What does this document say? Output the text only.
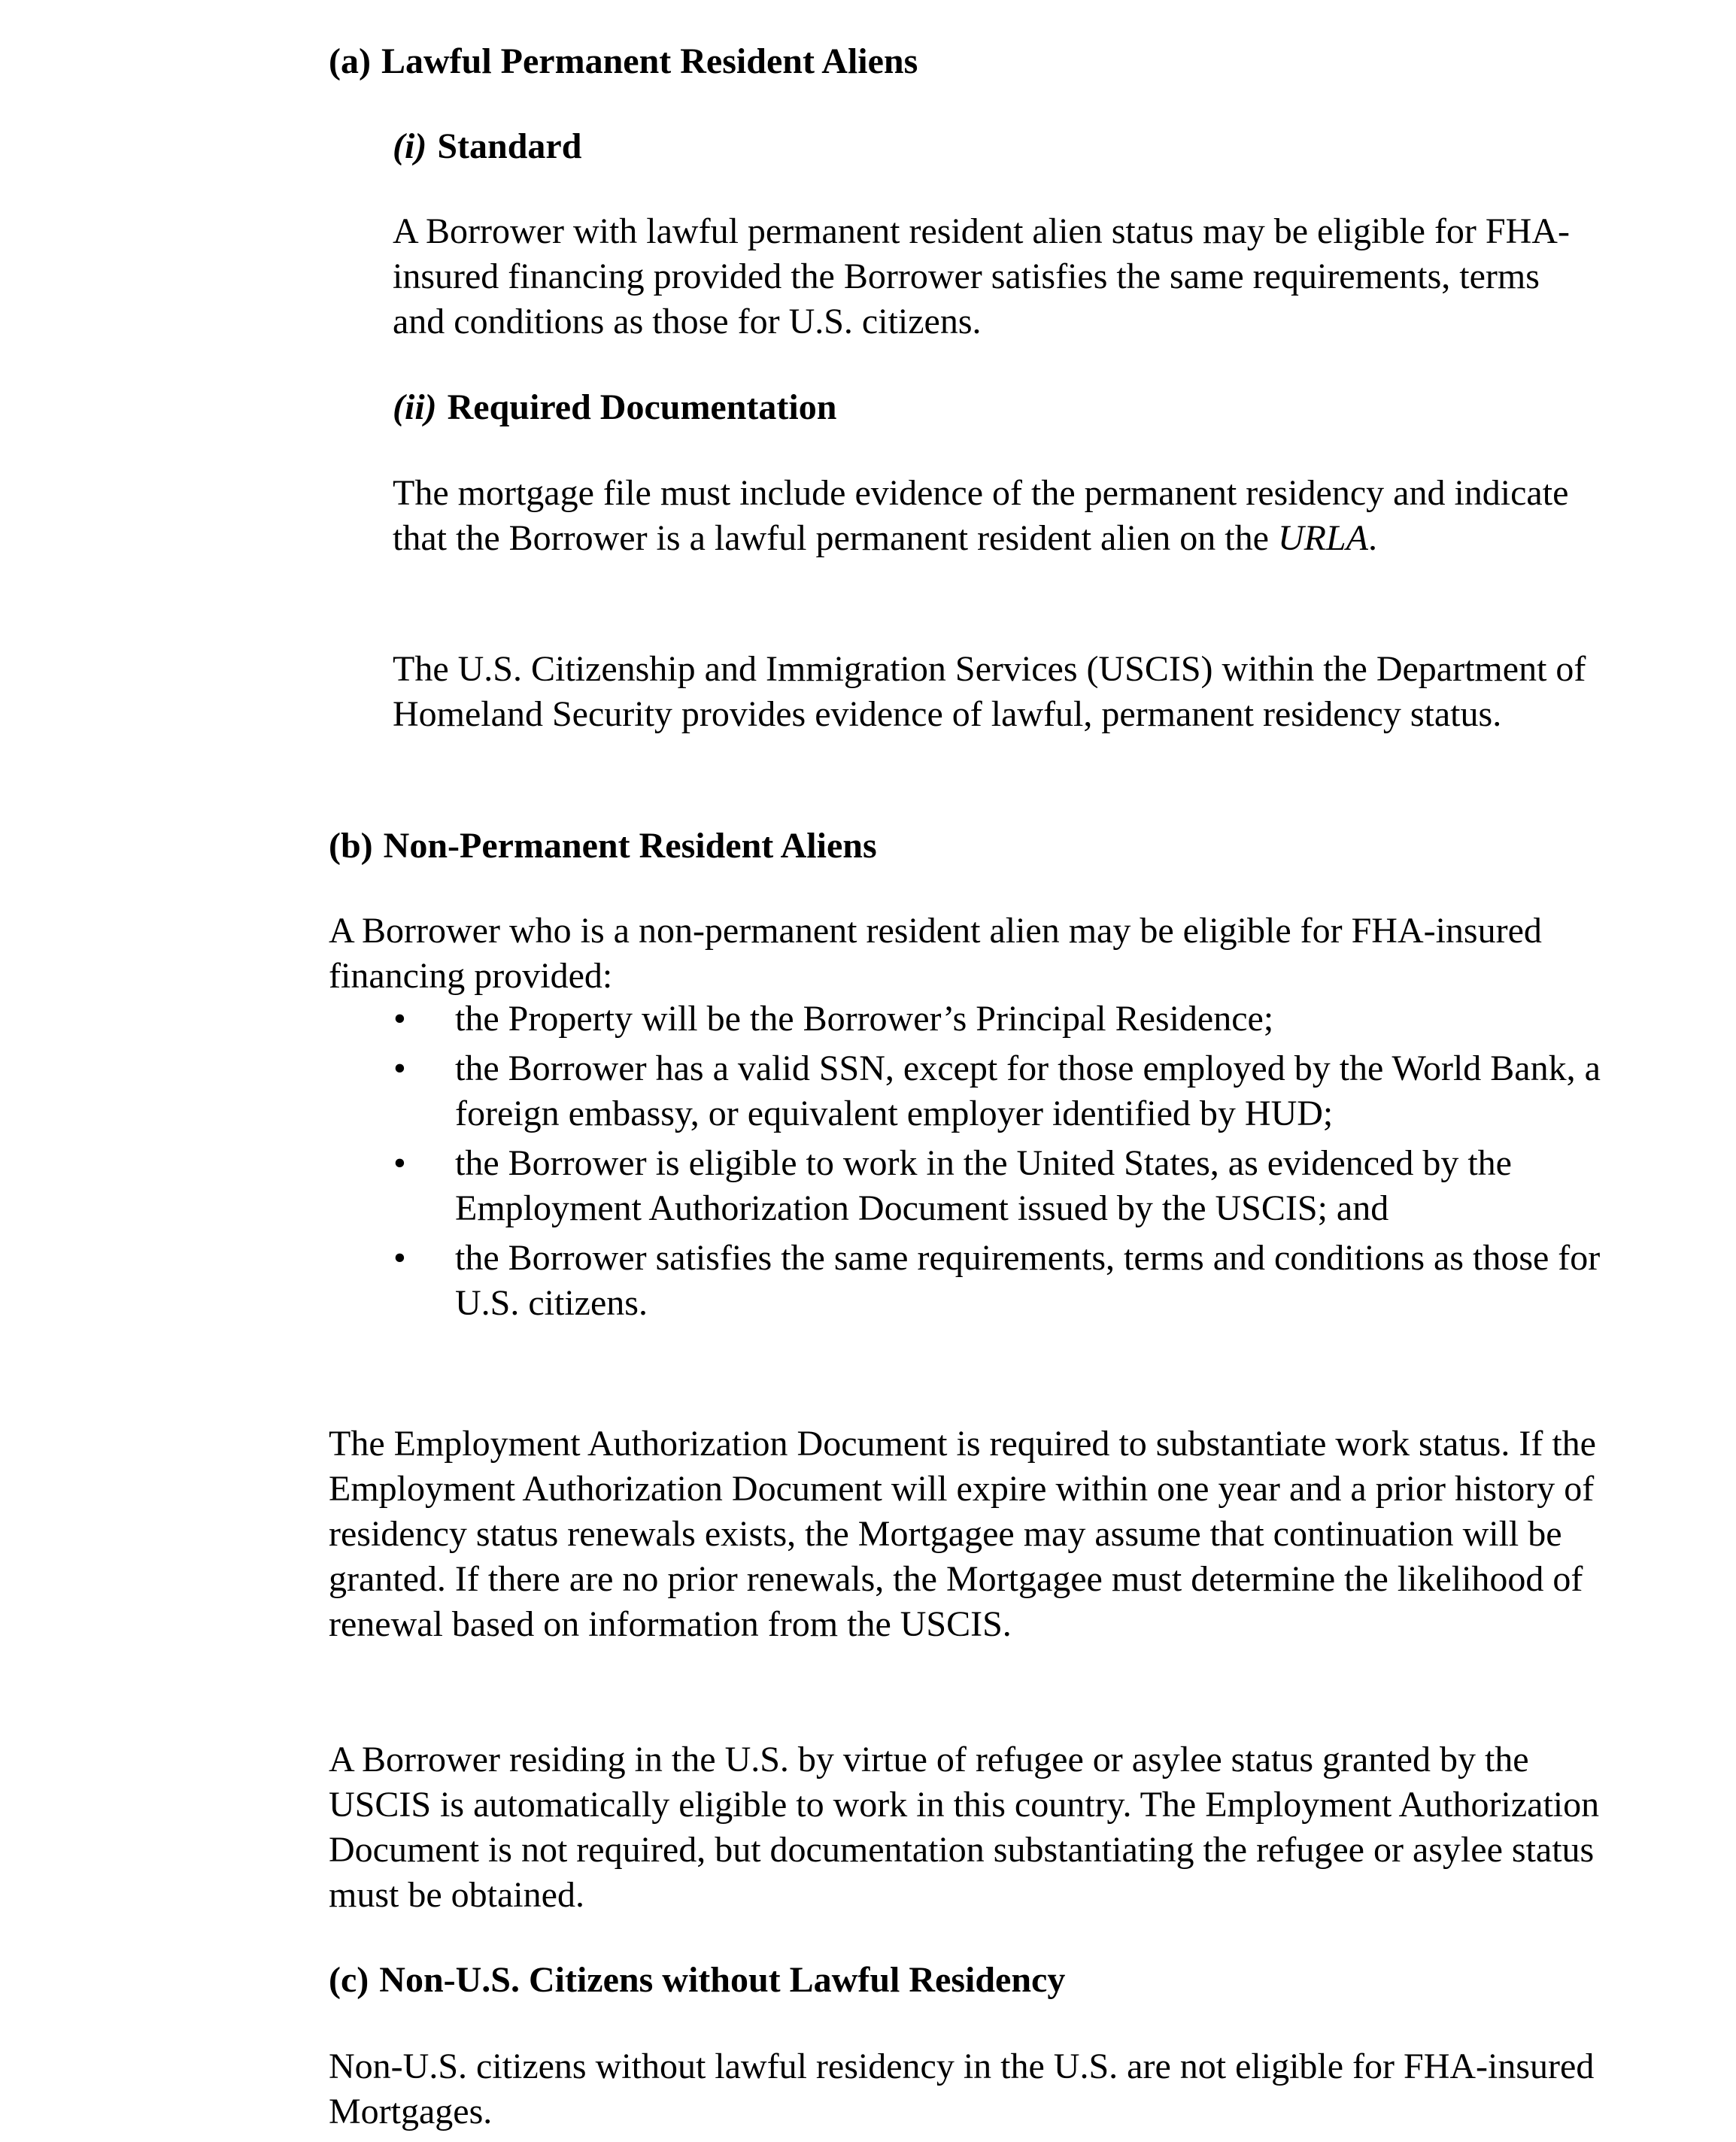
(a) Lawful Permanent Resident Aliens
(i) Standard

A Borrower with lawful permanent resident alien status may be eligible for FHA-insured financing provided the Borrower satisfies the same requirements, terms and conditions as those for U.S. citizens.

(ii) Required Documentation

The mortgage file must include evidence of the permanent residency and indicate that the Borrower is a lawful permanent resident alien on the URLA.

The U.S. Citizenship and Immigration Services (USCIS) within the Department of Homeland Security provides evidence of lawful, permanent residency status.

(b) Non-Permanent Resident Aliens

A Borrower who is a non-permanent resident alien may be eligible for FHA-insured financing provided:

• the Property will be the Borrower’s Principal Residence;
• the Borrower has a valid SSN, except for those employed by the World Bank, a foreign embassy, or equivalent employer identified by HUD;
• the Borrower is eligible to work in the United States, as evidenced by the Employment Authorization Document issued by the USCIS; and
• the Borrower satisfies the same requirements, terms and conditions as those for U.S. citizens.

The Employment Authorization Document is required to substantiate work status. If the Employment Authorization Document will expire within one year and a prior history of residency status renewals exists, the Mortgagee may assume that continuation will be granted. If there are no prior renewals, the Mortgagee must determine the likelihood of renewal based on information from the USCIS.

A Borrower residing in the U.S. by virtue of refugee or asylee status granted by the USCIS is automatically eligible to work in this country. The Employment Authorization Document is not required, but documentation substantiating the refugee or asylee status must be obtained.

(c) Non-U.S. Citizens without Lawful Residency

Non-U.S. citizens without lawful residency in the U.S. are not eligible for FHA-insured Mortgages.
